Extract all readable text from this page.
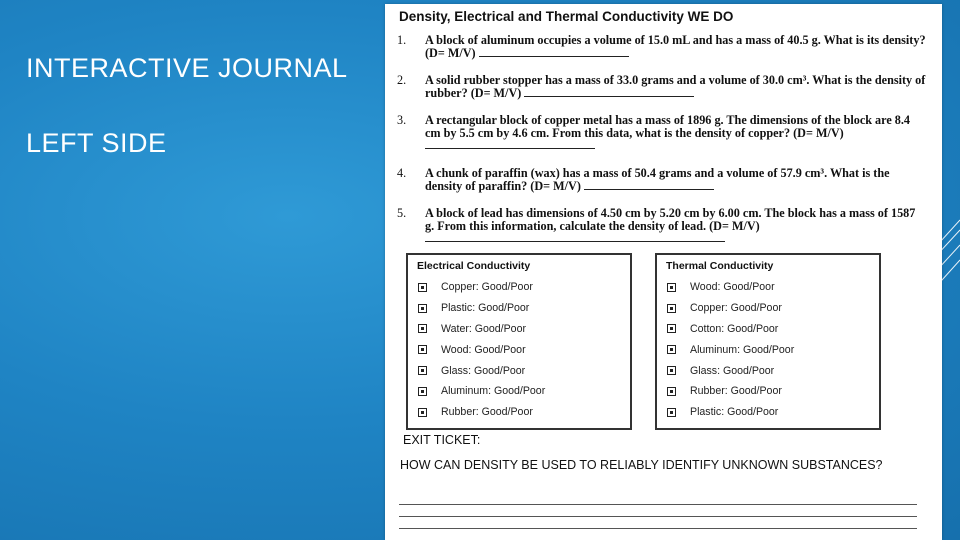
INTERACTIVE JOURNAL
LEFT SIDE
Density, Electrical and Thermal Conductivity WE DO
1. A block of aluminum occupies a volume of 15.0 mL and has a mass of 40.5 g. What is its density? (D= M/V)
2. A solid rubber stopper has a mass of 33.0 grams and a volume of 30.0 cm³. What is the density of rubber? (D= M/V)
3. A rectangular block of copper metal has a mass of 1896 g. The dimensions of the block are 8.4 cm by 5.5 cm by 4.6 cm. From this data, what is the density of copper? (D= M/V)
4. A chunk of paraffin (wax) has a mass of 50.4 grams and a volume of 57.9 cm³. What is the density of paraffin? (D= M/V)
5. A block of lead has dimensions of 4.50 cm by 5.20 cm by 6.00 cm. The block has a mass of 1587 g. From this information, calculate the density of lead. (D= M/V)
Electrical Conductivity
Copper: Good/Poor
Plastic: Good/Poor
Water: Good/Poor
Wood: Good/Poor
Glass: Good/Poor
Aluminum: Good/Poor
Rubber: Good/Poor
Thermal Conductivity
Wood: Good/Poor
Copper: Good/Poor
Cotton: Good/Poor
Aluminum: Good/Poor
Glass: Good/Poor
Rubber: Good/Poor
Plastic: Good/Poor
EXIT TICKET:
HOW CAN DENSITY BE USED TO RELIABLY IDENTIFY UNKNOWN SUBSTANCES?
